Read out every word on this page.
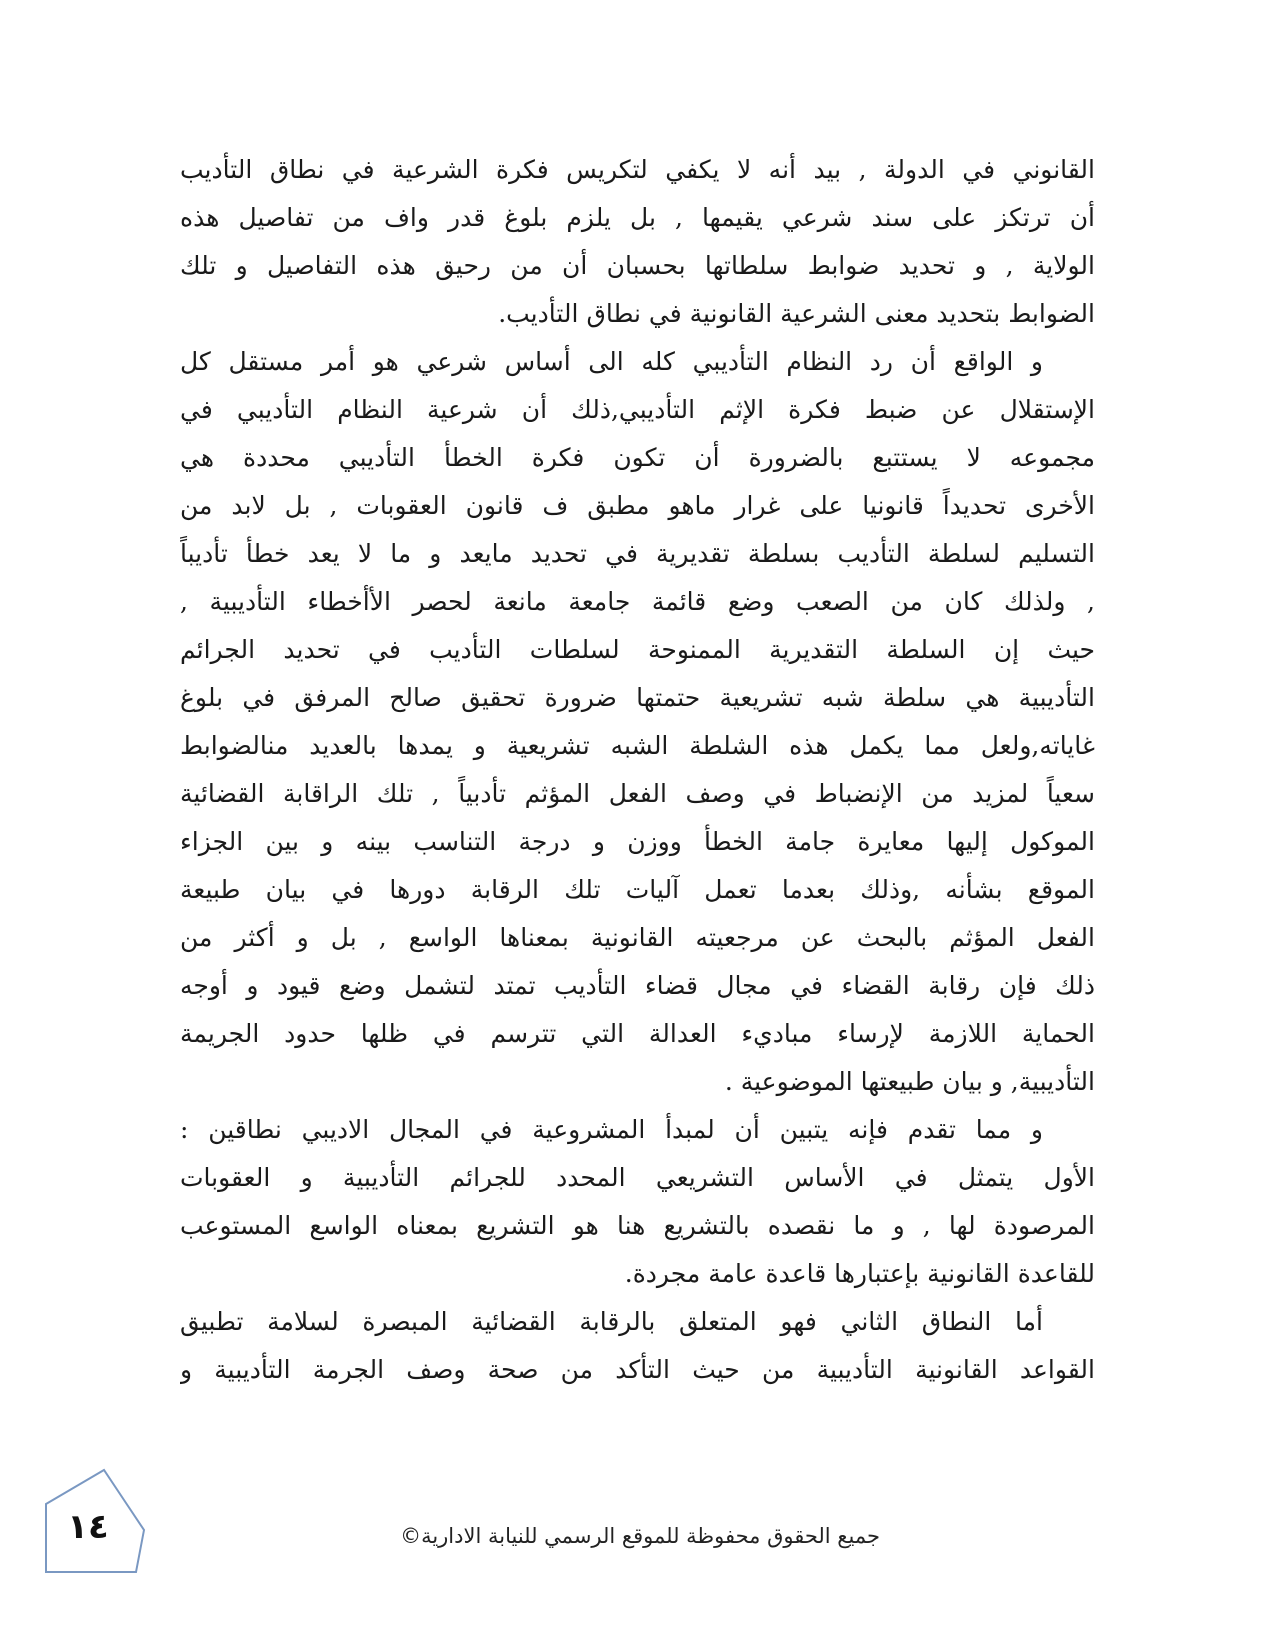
القانوني في الدولة , بيد أنه لا يكفي لتكريس فكرة الشرعية في نطاق التأديب
أن ترتكز على سند شرعي يقيمها , بل يلزم بلوغ قدر واف من تفاصيل هذه
الولاية , و تحديد ضوابط سلطاتها بحسبان أن من رحيق هذه التفاصيل و تلك
الضوابط بتحديد معنى الشرعية القانونية في نطاق التأديب.
و الواقع أن رد النظام التأديبي كله الى أساس شرعي هو أمر مستقل كل
الإستقلال عن ضبط فكرة الإثم التأديبي,ذلك أن شرعية النظام التأديبي في
مجموعه لا يستتبع بالضرورة أن تكون فكرة الخطأ التأديبي محددة هي
الأخرى تحديداً قانونيا على غرار ماهو مطبق ف قانون العقوبات , بل لابد من
التسليم لسلطة التأديب بسلطة تقديرية في تحديد مايعد و ما لا يعد خطأ تأديباً
, ولذلك كان من الصعب وضع قائمة جامعة مانعة لحصر الأأخطاء التأديبية ,
حيث إن السلطة التقديرية الممنوحة لسلطات التأديب في تحديد الجرائم
التأديبية هي سلطة شبه تشريعية حتمتها ضرورة تحقيق صالح المرفق في بلوغ
غاياته,ولعل مما يكمل هذه الشلطة الشبه تشريعية و يمدها بالعديد منالضوابط
سعياً لمزيد من الإنضباط في وصف الفعل المؤثم تأدبياً , تلك الراقابة القضائية
الموكول إليها معايرة جامة الخطأ ووزن و درجة التناسب بينه و بين الجزاء
الموقع بشأنه ,وذلك بعدما تعمل آليات تلك الرقابة دورها في بيان طبيعة
الفعل المؤثم بالبحث عن مرجعيته القانونية بمعناها الواسع , بل و أكثر من
ذلك فإن رقابة القضاء في مجال قضاء التأديب تمتد لتشمل وضع قيود و أوجه
الحماية اللازمة لإرساء مباديء العدالة التي تترسم في ظلها حدود الجريمة
التأديبية, و بيان طبيعتها الموضوعية .
و مما تقدم فإنه يتبين أن لمبدأ المشروعية في المجال الاديبي نطاقين :
الأول يتمثل في الأساس التشريعي المحدد للجرائم التأديبية و العقوبات
المرصودة لها , و ما نقصده بالتشريع هنا هو التشريع بمعناه الواسع المستوعب
للقاعدة القانونية بإعتبارها قاعدة عامة مجردة.
أما النطاق الثاني فهو المتعلق بالرقابة القضائية المبصرة لسلامة تطبيق
القواعد القانونية التأديبية من حيث التأكد من صحة وصف الجرمة التأديبية و
١٤	جميع الحقوق محفوظة للموقع الرسمي للنيابة الادارية©
